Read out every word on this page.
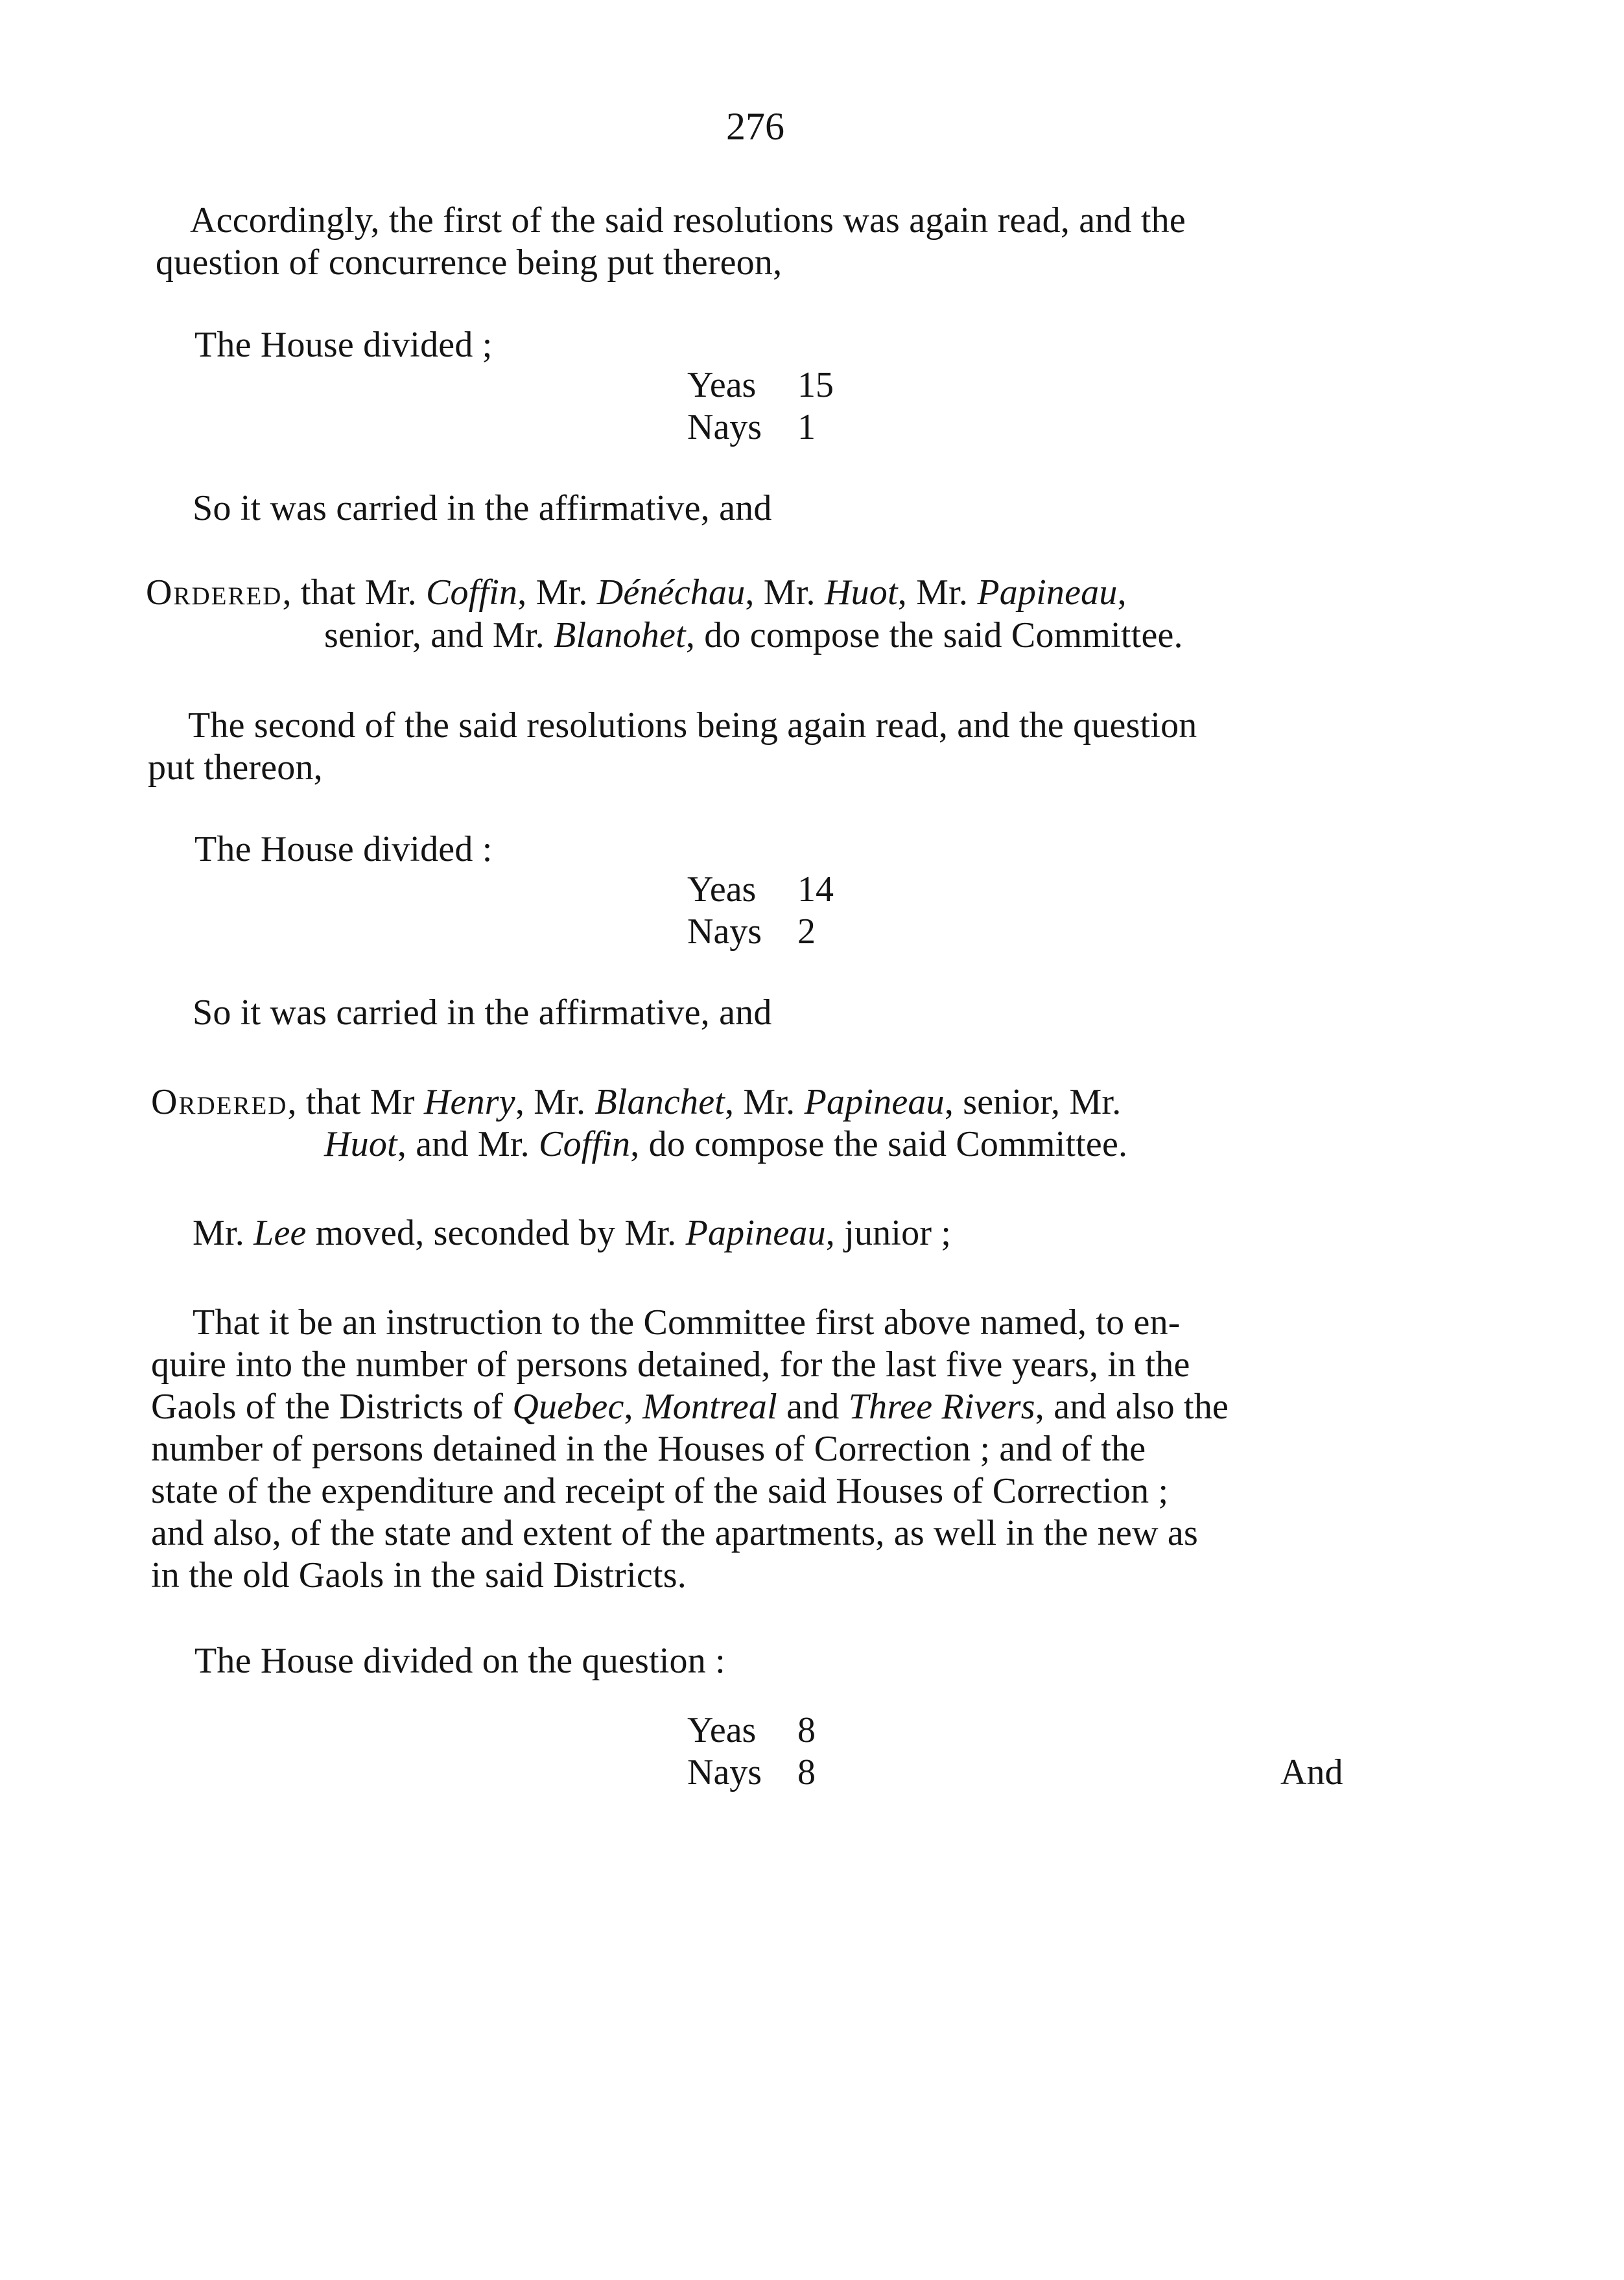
276
Accordingly, the first of the said resolutions was again read, and the
question of concurrence being put thereon,
The House divided ;
Yeas 15
Nays 1
So it was carried in the affirmative, and
Ordered, that Mr. Coffin, Mr. Dénéchau, Mr. Huot, Mr. Papineau,
senior, and Mr. Blanohet, do compose the said Committee.
The second of the said resolutions being again read, and the question
put thereon,
The House divided :
Yeas 14
Nays 2
So it was carried in the affirmative, and
Ordered, that Mr Henry, Mr. Blanchet, Mr. Papineau, senior, Mr.
Huot, and Mr. Coffin, do compose the said Committee.
Mr. Lee moved, seconded by Mr. Papineau, junior ;
That it be an instruction to the Committee first above named, to en-
quire into the number of persons detained, for the last five years, in the
Gaols of the Districts of Quebec, Montreal and Three Rivers, and also the
number of persons detained in the Houses of Correction ; and of the
state of the expenditure and receipt of the said Houses of Correction ;
and also, of the state and extent of the apartments, as well in the new as
in the old Gaols in the said Districts.
The House divided on the question :
Yeas 8
Nays 8	And
